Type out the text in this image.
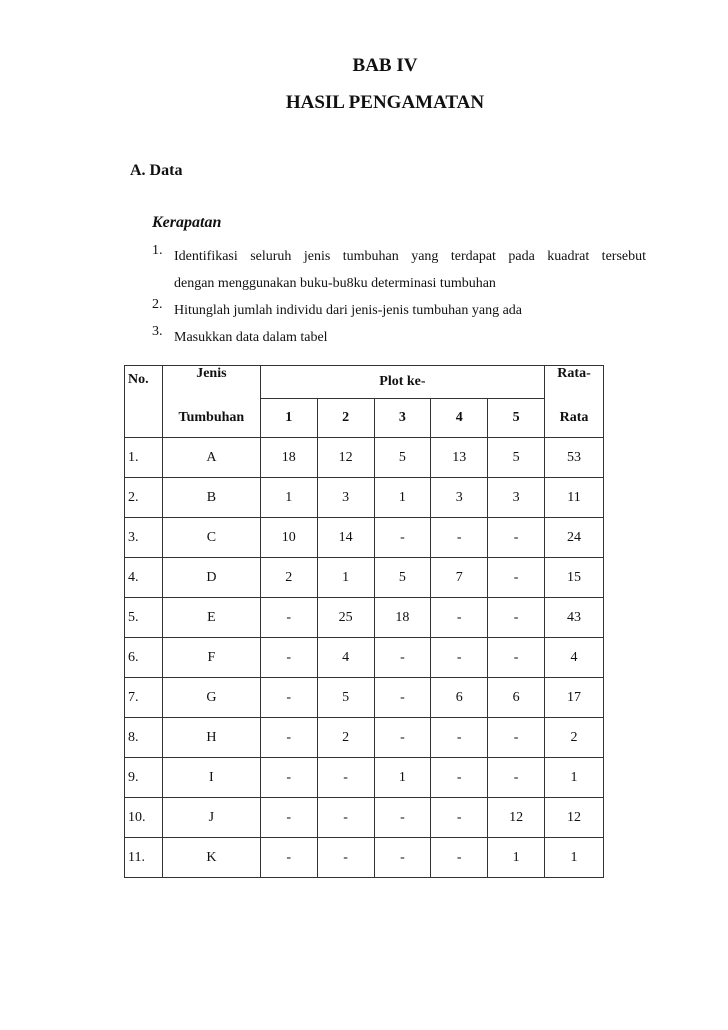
BAB IV
HASIL PENGAMATAN
A. Data
Kerapatan
1. Identifikasi seluruh jenis tumbuhan yang terdapat pada kuadrat tersebut
dengan menggunakan buku-bu8ku determinasi tumbuhan
2. Hitunglah jumlah individu dari jenis-jenis tumbuhan yang ada
3. Masukkan data dalam tabel
No.	Jenis	Plot ke-					Rata-
	Tumbuhan	1	2	3	4	5	Rata
1.	A	18	12	5	13	5	53
2.	B	1	3	1	3	3	11
3.	C	10	14	-	-	-	24
4.	D	2	1	5	7	-	15
5.	E	-	25	18	-	-	43
6.	F	-	4	-	-	-	4
7.	G	-	5	-	6	6	17
8.	H	-	2	-	-	-	2
9.	I	-	-	1	-	-	1
10.	J	-	-	-	-	12	12
11.	K	-	-	-	-	1	1
